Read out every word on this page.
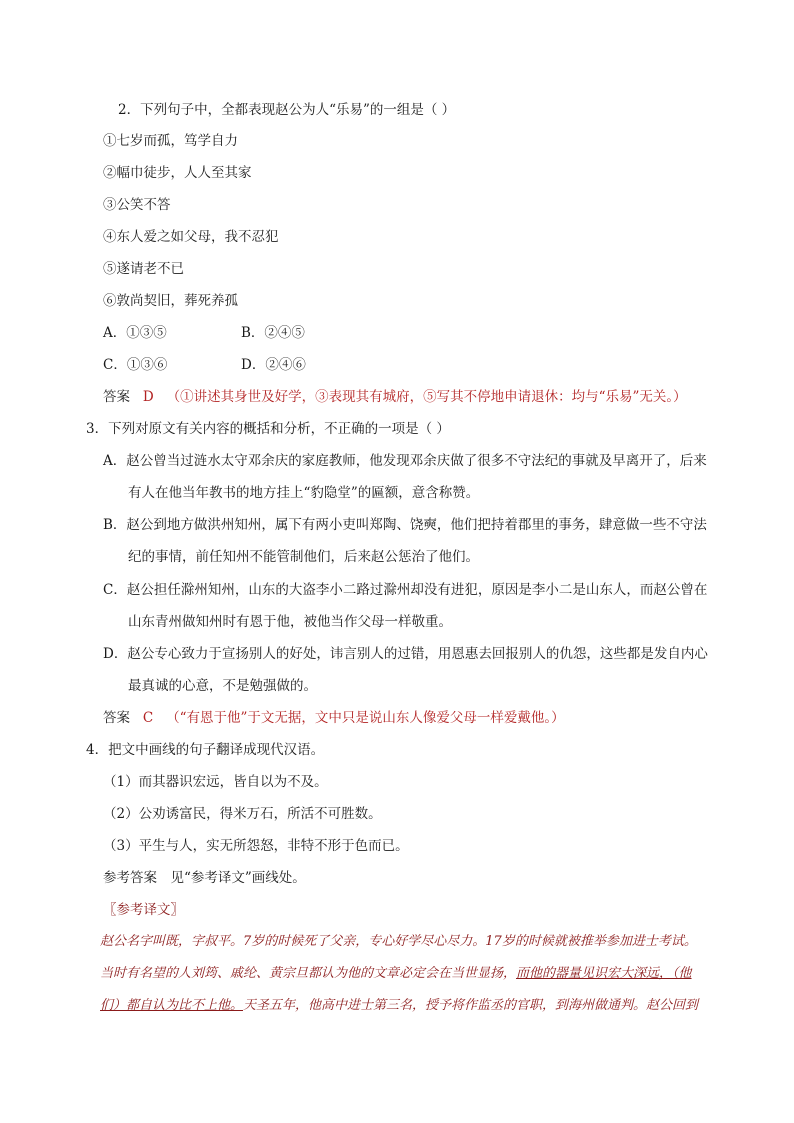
2．下列句子中，全都表现赵公为人“乐易”的一组是（ ）
①七岁而孤，笃学自力
②幅巾徒步，人人至其家
③公笑不答
④东人爱之如父母，我不忍犯
⑤遂请老不已
⑥敦尚契旧，葬死养孤
A．①③⑤	B．②④⑤
C．①③⑥	D．②④⑥
答案 D （①讲述其身世及好学，③表现其有城府，⑤写其不停地申请退休：均与“乐易”无关。）
3．下列对原文有关内容的概括和分析，不正确的一项是（ ）
A．赵公曾当过涟水太守邓余庆的家庭教师，他发现邓余庆做了很多不守法纪的事就及早离开了，后来
有人在他当年教书的地方挂上“豹隐堂”的匾额，意含称赞。
B．赵公到地方做洪州知州，属下有两小吏叫郑陶、饶奭，他们把持着郡里的事务，肆意做一些不守法
纪的事情，前任知州不能管制他们，后来赵公惩治了他们。
C．赵公担任滁州知州，山东的大盗李小二路过滁州却没有进犯，原因是李小二是山东人，而赵公曾在
山东青州做知州时有恩于他，被他当作父母一样敬重。
D．赵公专心致力于宣扬别人的好处，讳言别人的过错，用恩惠去回报别人的仇怨，这些都是发自内心
最真诚的心意，不是勉强做的。
答案 C （“有恩于他”于文无据，文中只是说山东人像爱父母一样爱戴他。）
4．把文中画线的句子翻译成现代汉语。
（1）而其器识宏远，皆自以为不及。
（2）公劝诱富民，得米万石，所活不可胜数。
（3）平生与人，实无所怨怒，非特不形于色而已。
参考答案　见“参考译文”画线处。
〖参考译文〗
赵公名字叫既，字叔平。7岁的时候死了父亲，专心好学尽心尽力。17岁的时候就被推举参加进士考试。
当时有名望的人刘筠、戚纶、黄宗旦都认为他的文章必定会在当世显扬，而他的器量见识宏大深远，（他
们）都自认为比不上他。天圣五年，他高中进士第三名，授予将作监丞的官职，到海州做通判。赵公回到
